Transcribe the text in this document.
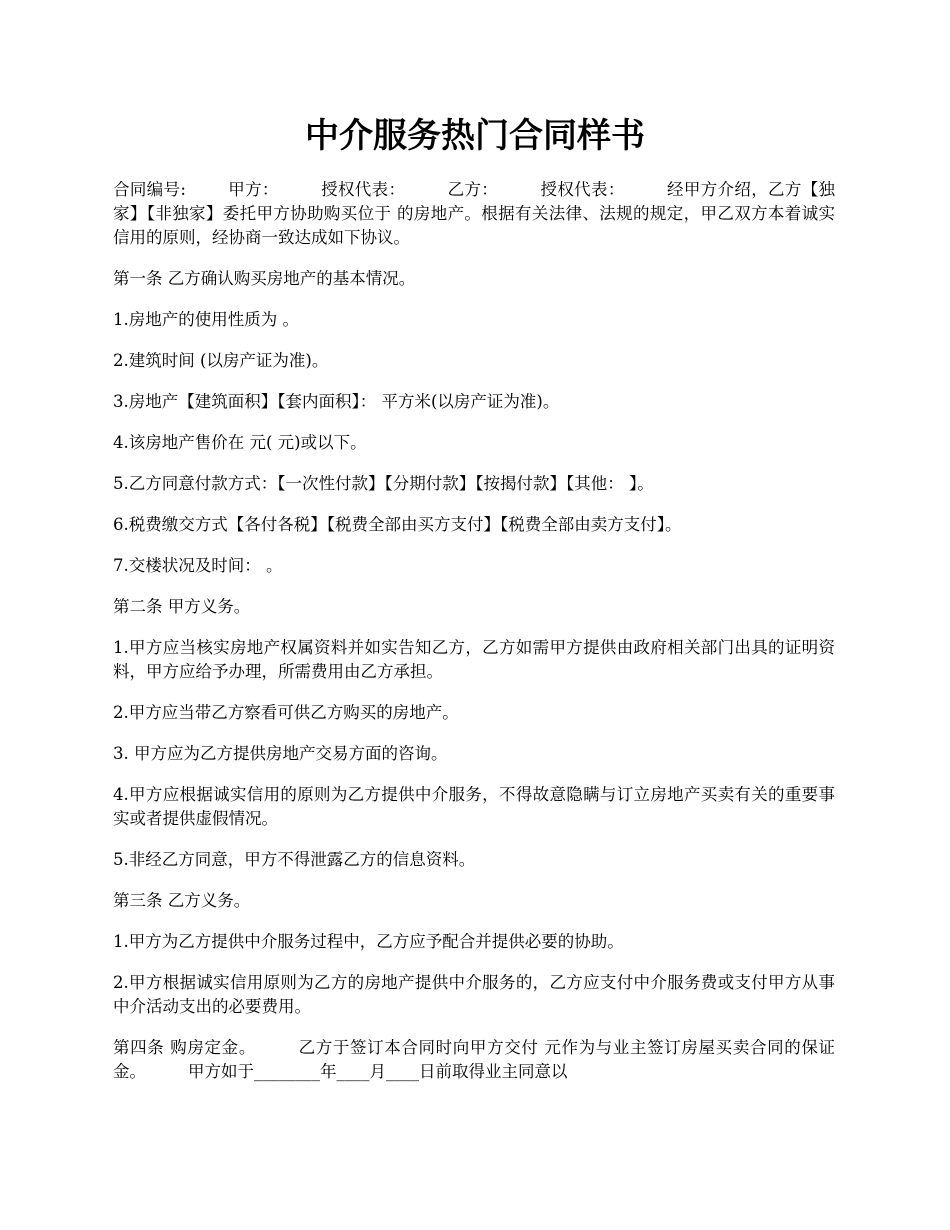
中介服务热门合同样书

合同编号:	甲方：	授权代表：	乙方：	授权代表：	经甲方介绍，乙方【独家】【非独家】委托甲方协助购买位于 的房地产。根据有关法律、法规的规定，甲乙双方本着诚实信用的原则，经协商一致达成如下协议。

第一条 乙方确认购买房地产的基本情况。

1.房地产的使用性质为 。

2.建筑时间 (以房产证为准)。

3.房地产【建筑面积】【套内面积】： 平方米(以房产证为准)。

4.该房地产售价在 元( 元)或以下。

5.乙方同意付款方式：【一次性付款】【分期付款】【按揭付款】【其他： 】。

6.税费缴交方式【各付各税】【税费全部由买方支付】【税费全部由卖方支付】。

7.交楼状况及时间： 。

第二条 甲方义务。

1.甲方应当核实房地产权属资料并如实告知乙方，乙方如需甲方提供由政府相关部门出具的证明资料，甲方应给予办理，所需费用由乙方承担。

2.甲方应当带乙方察看可供乙方购买的房地产。

3. 甲方应为乙方提供房地产交易方面的咨询。

4.甲方应根据诚实信用的原则为乙方提供中介服务，不得故意隐瞒与订立房地产买卖有关的重要事实或者提供虚假情况。

5.非经乙方同意，甲方不得泄露乙方的信息资料。

第三条 乙方义务。

1.甲方为乙方提供中介服务过程中，乙方应予配合并提供必要的协助。

2.甲方根据诚实信用原则为乙方的房地产提供中介服务的，乙方应支付中介服务费或支付甲方从事中介活动支出的必要费用。

第四条 购房定金。	乙方于签订本合同时向甲方交付 元作为与业主签订房屋买卖合同的保证金。	甲方如于________年____月____日前取得业主同意以
